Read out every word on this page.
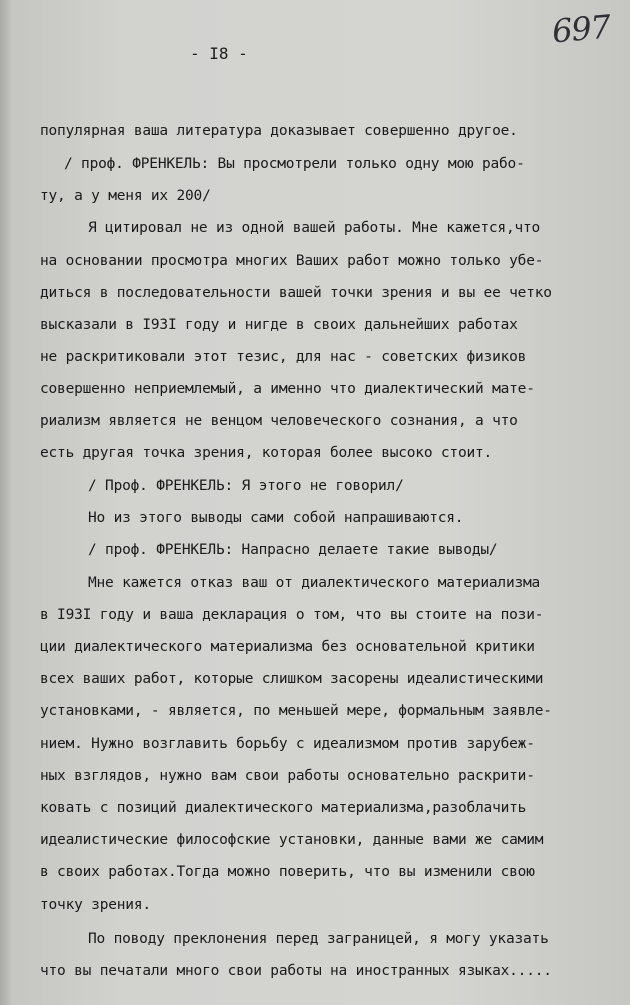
697
- I8 -
популярная ваша литература доказывает совершенно другое.
/ проф. ФРЕНКЕЛЬ: Вы просмотрели только одну мою рабо-
ту, а у меня их 200/
Я цитировал не из одной вашей работы. Мне кажется,что
на основании просмотра многих Ваших работ можно только убе-
диться в последовательности вашей точки зрения и вы ее четко
высказали в I93I году и нигде в своих дальнейших работах
не раскритиковали этот тезис, для нас - советских физиков
совершенно неприемлемый, а именно что диалектический мате-
риализм является не венцом человеческого сознания, а что
есть другая точка зрения, которая более высоко стоит.
/ Проф. ФРЕНКЕЛЬ: Я этого не говорил/
Но из этого выводы сами собой напрашиваются.
/ проф. ФРЕНКЕЛЬ: Напрасно делаете такие выводы/
Мне кажется отказ ваш от диалектического материализма
в I93I году и ваша декларация о том, что вы стоите на пози-
ции диалектического материализма без основательной критики
всех ваших работ, которые слишком засорены идеалистическими
установками, - является, по меньшей мере, формальным заявле-
нием. Нужно возглавить борьбу с идеализмом против зарубеж-
ных взглядов, нужно вам свои работы основательно раскрити-
ковать с позиций диалектического материализма,разоблачить
идеалистические философские установки, данные вами же самим
в своих работах.Тогда можно поверить, что вы изменили свою
точку зрения.
По поводу преклонения перед заграницей, я могу указать
что вы печатали много свои работы на иностранных языках.....
